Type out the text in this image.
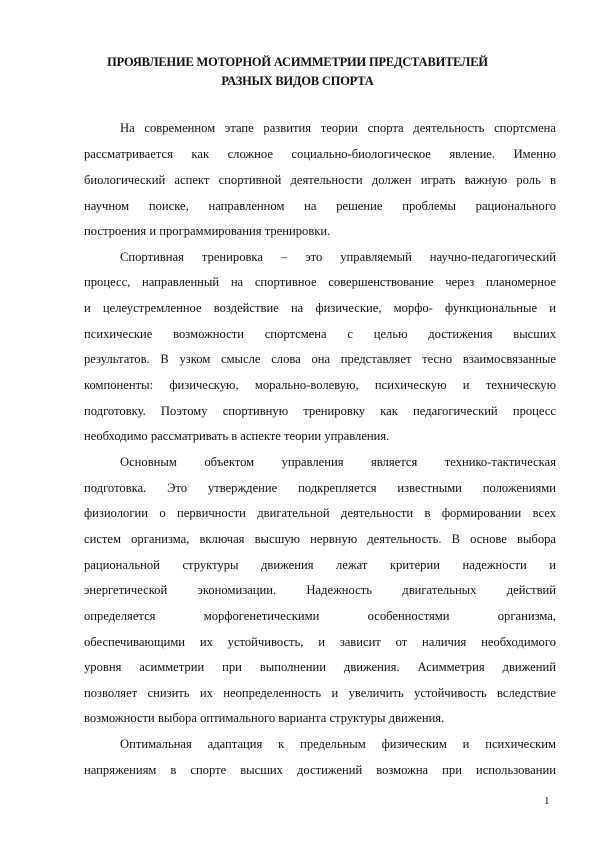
ПРОЯВЛЕНИЕ МОТОРНОЙ АСИММЕТРИИ ПРЕДСТАВИТЕЛЕЙ
РАЗНЫХ ВИДОВ СПОРТА
На современном этапе развития теории спорта деятельность спортсмена
рассматривается как сложное социально-биологическое явление. Именно
биологический аспект спортивной деятельности должен играть важную роль в
научном поиске, направленном на решение проблемы рационального
построения и программирования тренировки.
Спортивная тренировка – это управляемый научно-педагогический
процесс, направленный на спортивное совершенствование через планомерное
и целеустремленное воздействие на физические, морфо- функциональные и
психические возможности спортсмена с целью достижения высших
результатов. В узком смысле слова она представляет тесно взаимосвязанные
компоненты: физическую, морально-волевую, психическую и техническую
подготовку. Поэтому спортивную тренировку как педагогический процесс
необходимо рассматривать в аспекте теории управления.
Основным объектом управления является технико-тактическая
подготовка. Это утверждение подкрепляется известными положениями
физиологии о первичности двигательной деятельности в формировании всех
систем организма, включая высшую нервную деятельность. В основе выбора
рациональной структуры движения лежат критерии надежности и
энергетической экономизации. Надежность двигательных действий
определяется морфогенетическими особенностями организма,
обеспечивающими их устойчивость, и зависит от наличия необходимого
уровня асимметрии при выполнении движения. Асимметрия движений
позволяет снизить их неопределенность и увеличить устойчивость вследствие
возможности выбора оптимального варианта структуры движения.
Оптимальная адаптация к предельным физическим и психическим
напряжениям в спорте высших достижений возможна при использовании
1
